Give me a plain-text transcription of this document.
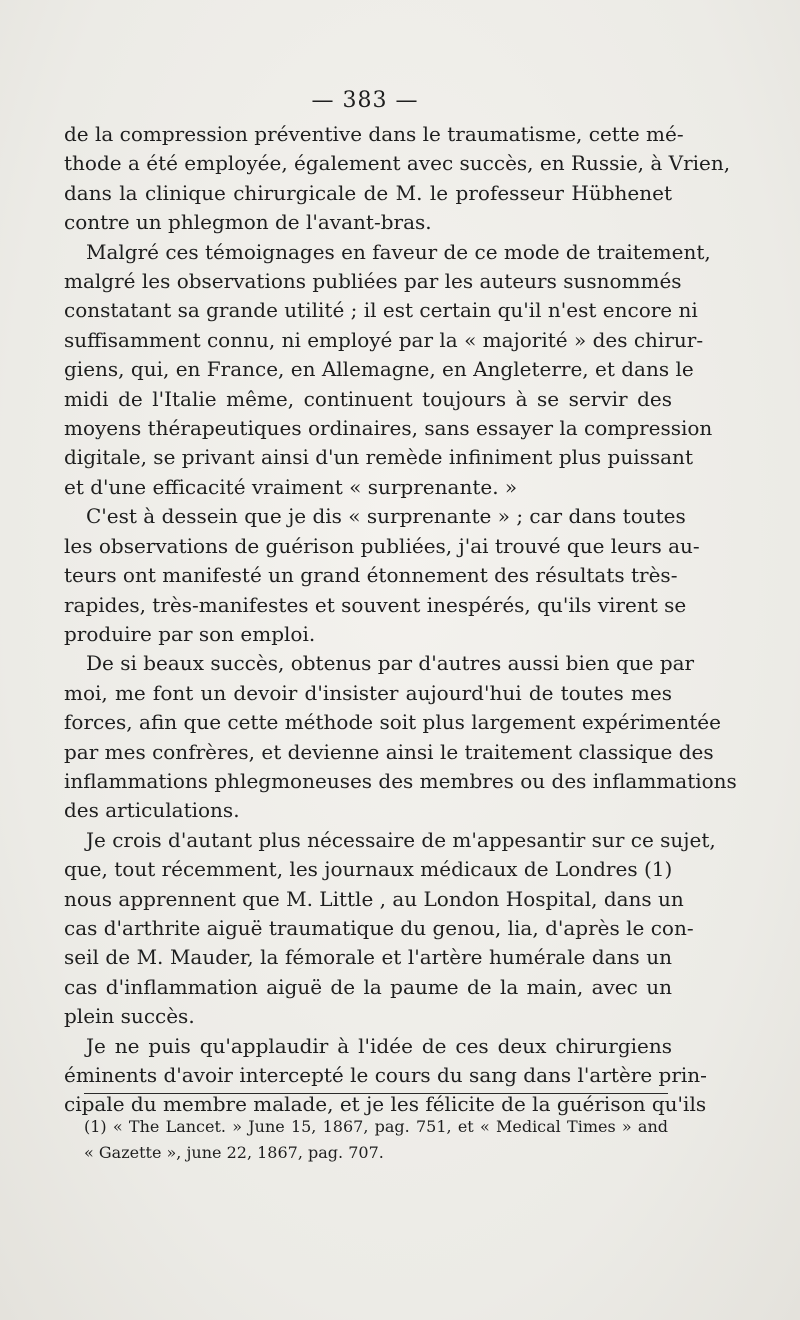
— 383 —

de la compression préventive dans le traumatisme, cette mé-
thode a été employée, également avec succès, en Russie, à Vrien,
dans la clinique chirurgicale de M. le professeur Hübhenet
contre un phlegmon de l'avant-bras.

Malgré ces témoignages en faveur de ce mode de traitement,
malgré les observations publiées par les auteurs susnommés
constatant sa grande utilité ; il est certain qu'il n'est encore ni
suffisamment connu, ni employé par la « majorité » des chirur-
giens, qui, en France, en Allemagne, en Angleterre, et dans le
midi de l'Italie même, continuent toujours à se servir des
moyens thérapeutiques ordinaires, sans essayer la compression
digitale, se privant ainsi d'un remède infiniment plus puissant
et d'une efficacité vraiment « surprenante. »

C'est à dessein que je dis « surprenante » ; car dans toutes
les observations de guérison publiées, j'ai trouvé que leurs au-
teurs ont manifesté un grand étonnement des résultats très-
rapides, très-manifestes et souvent inespérés, qu'ils virent se
produire par son emploi.

De si beaux succès, obtenus par d'autres aussi bien que par
moi, me font un devoir d'insister aujourd'hui de toutes mes
forces, afin que cette méthode soit plus largement expérimentée
par mes confrères, et devienne ainsi le traitement classique des
inflammations phlegmoneuses des membres ou des inflammations
des articulations.

Je crois d'autant plus nécessaire de m'appesantir sur ce sujet,
que, tout récemment, les journaux médicaux de Londres (1)
nous apprennent que M. Little , au London Hospital, dans un
cas d'arthrite aiguë traumatique du genou, lia, d'après le con-
seil de M. Mauder, la fémorale et l'artère humérale dans un
cas d'inflammation aiguë de la paume de la main, avec un
plein succès.

Je ne puis qu'applaudir à l'idée de ces deux chirurgiens
éminents d'avoir intercepté le cours du sang dans l'artère prin-
cipale du membre malade, et je les félicite de la guérison qu'ils

(1) « The Lancet. » June 15, 1867, pag. 751, et « Medical Times » and
« Gazette », june 22, 1867, pag. 707.
